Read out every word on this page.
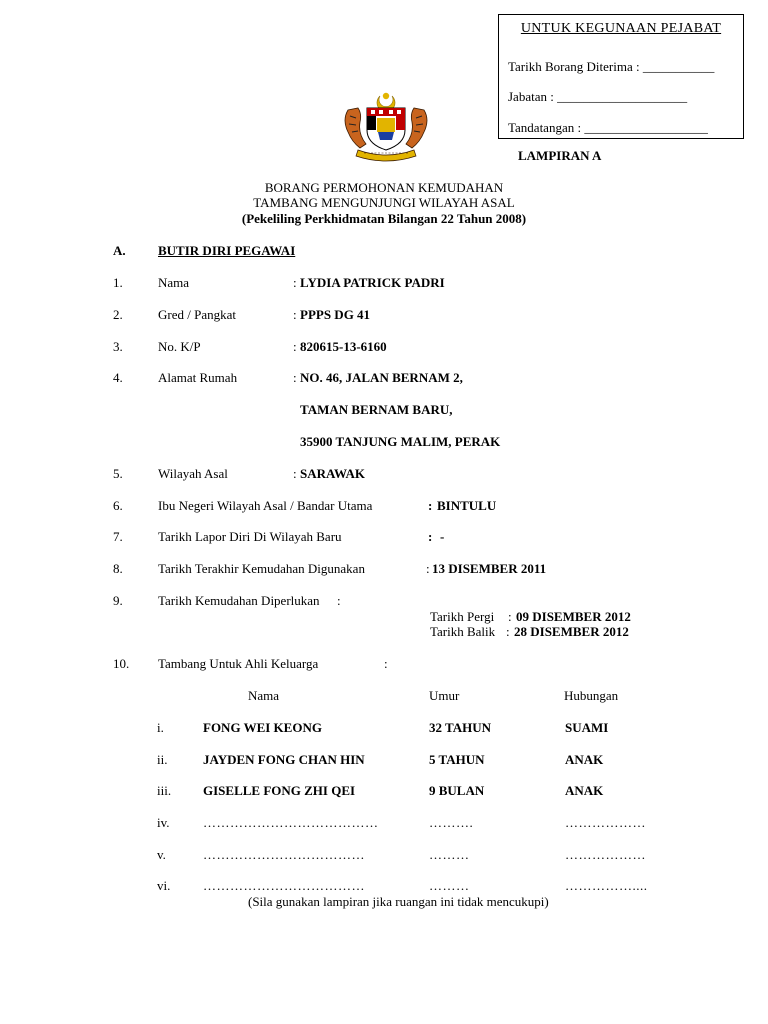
UNTUK KEGUNAAN PEJABAT
Tarikh Borang Diterima : ___________
Jabatan : ____________________
Tandatangan : ___________________
LAMPIRAN A
BORANG PERMOHONAN KEMUDAHAN
TAMBANG MENGUNJUNGI WILAYAH ASAL
(Pekeliling Perkhidmatan Bilangan 22 Tahun 2008)
A. BUTIR DIRI PEGAWAI
1.	Nama	: LYDIA PATRICK PADRI
2.	Gred / Pangkat	: PPPS DG 41
3.	No. K/P	: 820615-13-6160
4.	Alamat Rumah	: NO. 46, JALAN BERNAM 2,
TAMAN BERNAM BARU,
35900 TANJUNG MALIM, PERAK
5.	Wilayah Asal	: SARAWAK
6.	Ibu Negeri Wilayah Asal / Bandar Utama	: BINTULU
7.	Tarikh Lapor Diri Di Wilayah Baru	: -
8.	Tarikh Terakhir Kemudahan Digunakan	: 13 DISEMBER 2011
9.	Tarikh Kemudahan Diperlukan :
Tarikh Pergi : 09 DISEMBER 2012
Tarikh Balik : 28 DISEMBER 2012
10. Tambang Untuk Ahli Keluarga	:
Nama	Umur	Hubungan
i.	FONG WEI KEONG	32 TAHUN	SUAMI
ii.	JAYDEN FONG CHAN HIN	5 TAHUN	ANAK
iii. GISELLE FONG ZHI QEI	9 BULAN	ANAK
iv.	…………………………………	……….	………………
v.	………………………………	………	………………
vi.	………………………………	………	……………....
(Sila gunakan lampiran jika ruangan ini tidak mencukupi)
